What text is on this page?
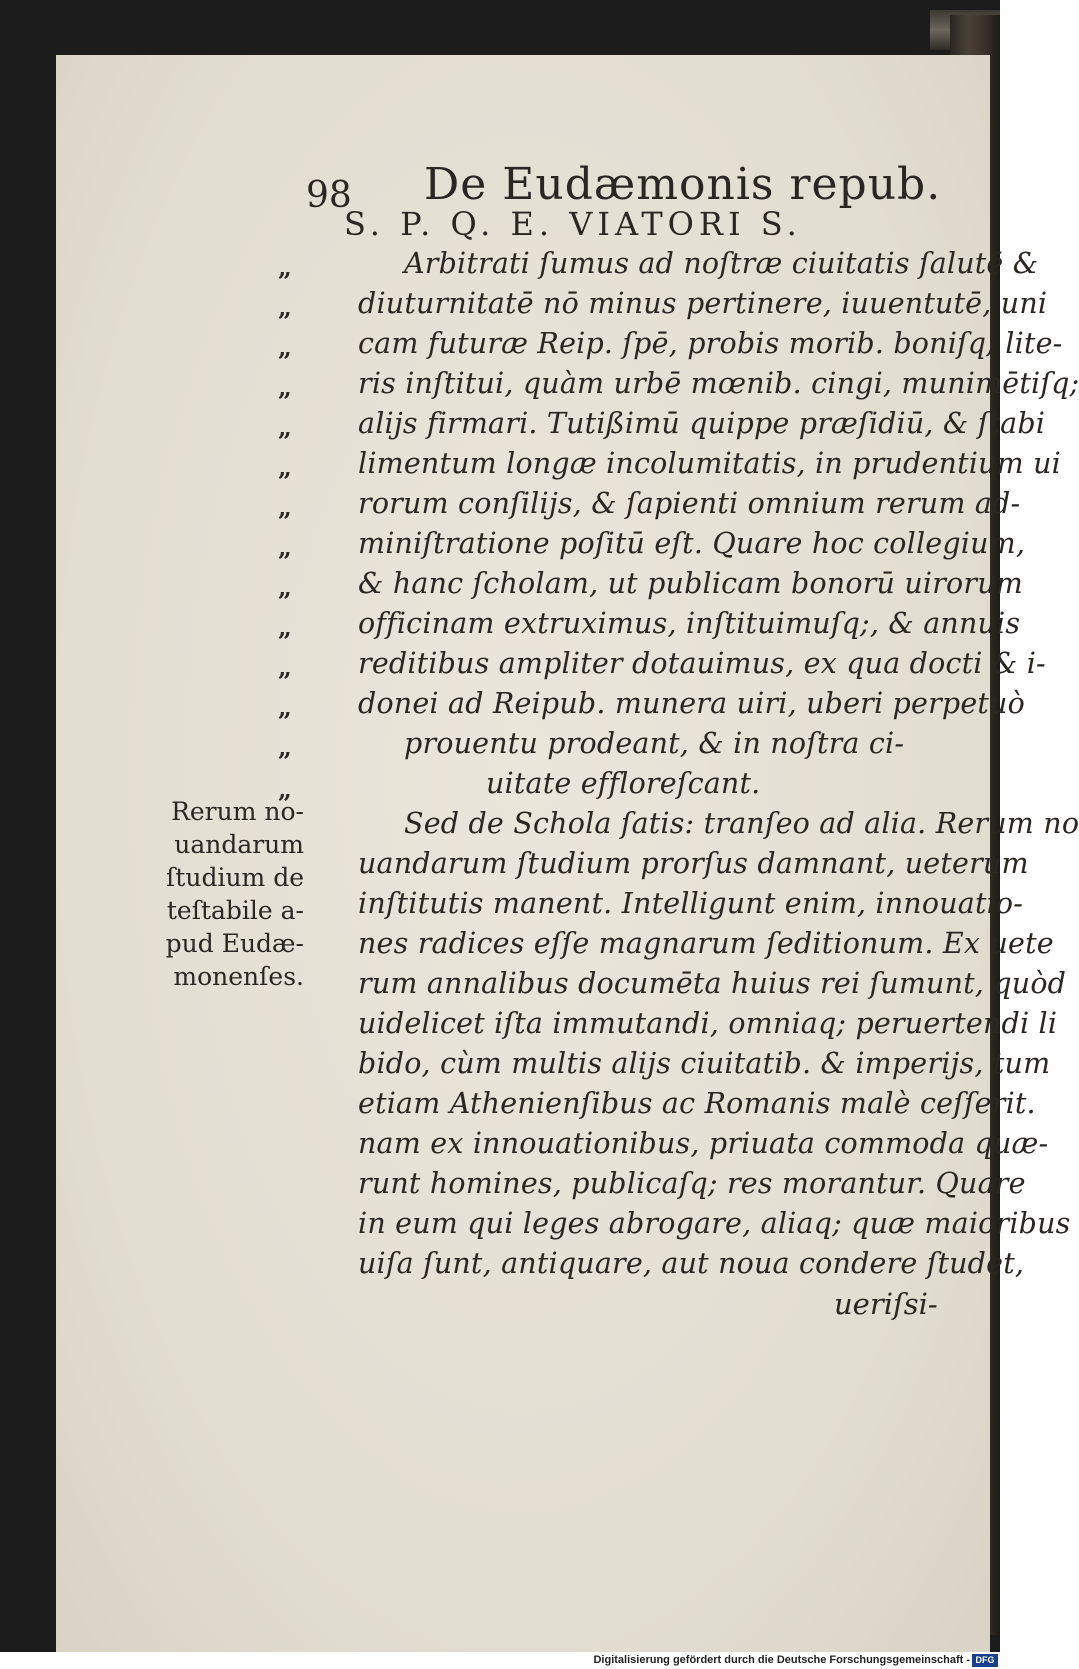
98 De Eudæmonis repub.
S. P. Q. E. VIATORI S.
„
„
„
„
„
„
„
„
„
„
„
„
„
„
Arbitrati ſumus ad noſtræ ciuitatis ſalutē &
diuturnitatē nō minus pertinere, iuuentutē, uni
cam futuræ Reip. ſpē, probis morib. boniſq; lite-
ris inſtitui, quàm urbē mœnib. cingi, munimētiſq;
alijs firmari. Tutißimū quippe præſidiū, & ſtabi
limentum longæ incolumitatis, in prudentium ui
rorum conſilijs, & ſapienti omnium rerum ad-
miniſtratione poſitū eſt. Quare hoc collegium,
& hanc ſcholam, ut publicam bonorū uirorum
officinam extruximus, inſtituimuſq;, & annuis
reditibus ampliter dotauimus, ex qua docti & i-
donei ad Reipub. munera uiri, uberi perpetuò
prouentu prodeant, & in noſtra ci-
uitate effloreſcant.
Sed de Schola ſatis: tranſeo ad alia. Rerum no
uandarum ſtudium prorſus damnant, ueterum
inſtitutis manent. Intelligunt enim, innouatio-
nes radices eſſe magnarum ſeditionum. Ex uete
rum annalibus documēta huius rei ſumunt, quòd
uidelicet iſta immutandi, omniaq; peruertendi li
bido, cùm multis alijs ciuitatib. & imperijs, tum
etiam Athenienſibus ac Romanis malè ceſſerit.
nam ex innouationibus, priuata commoda quæ-
runt homines, publicaſq; res morantur. Quare
in eum qui leges abrogare, aliaq; quæ maioribus
uiſa ſunt, antiquare, aut noua condere ſtudet,
Rerum no-
uandarum
ſtudium de
teſtabile a-
pud Eudæ-
monenſes.
ueriſsi-
Digitalisierung gefördert durch die Deutsche Forschungsgemeinschaft - DFG
